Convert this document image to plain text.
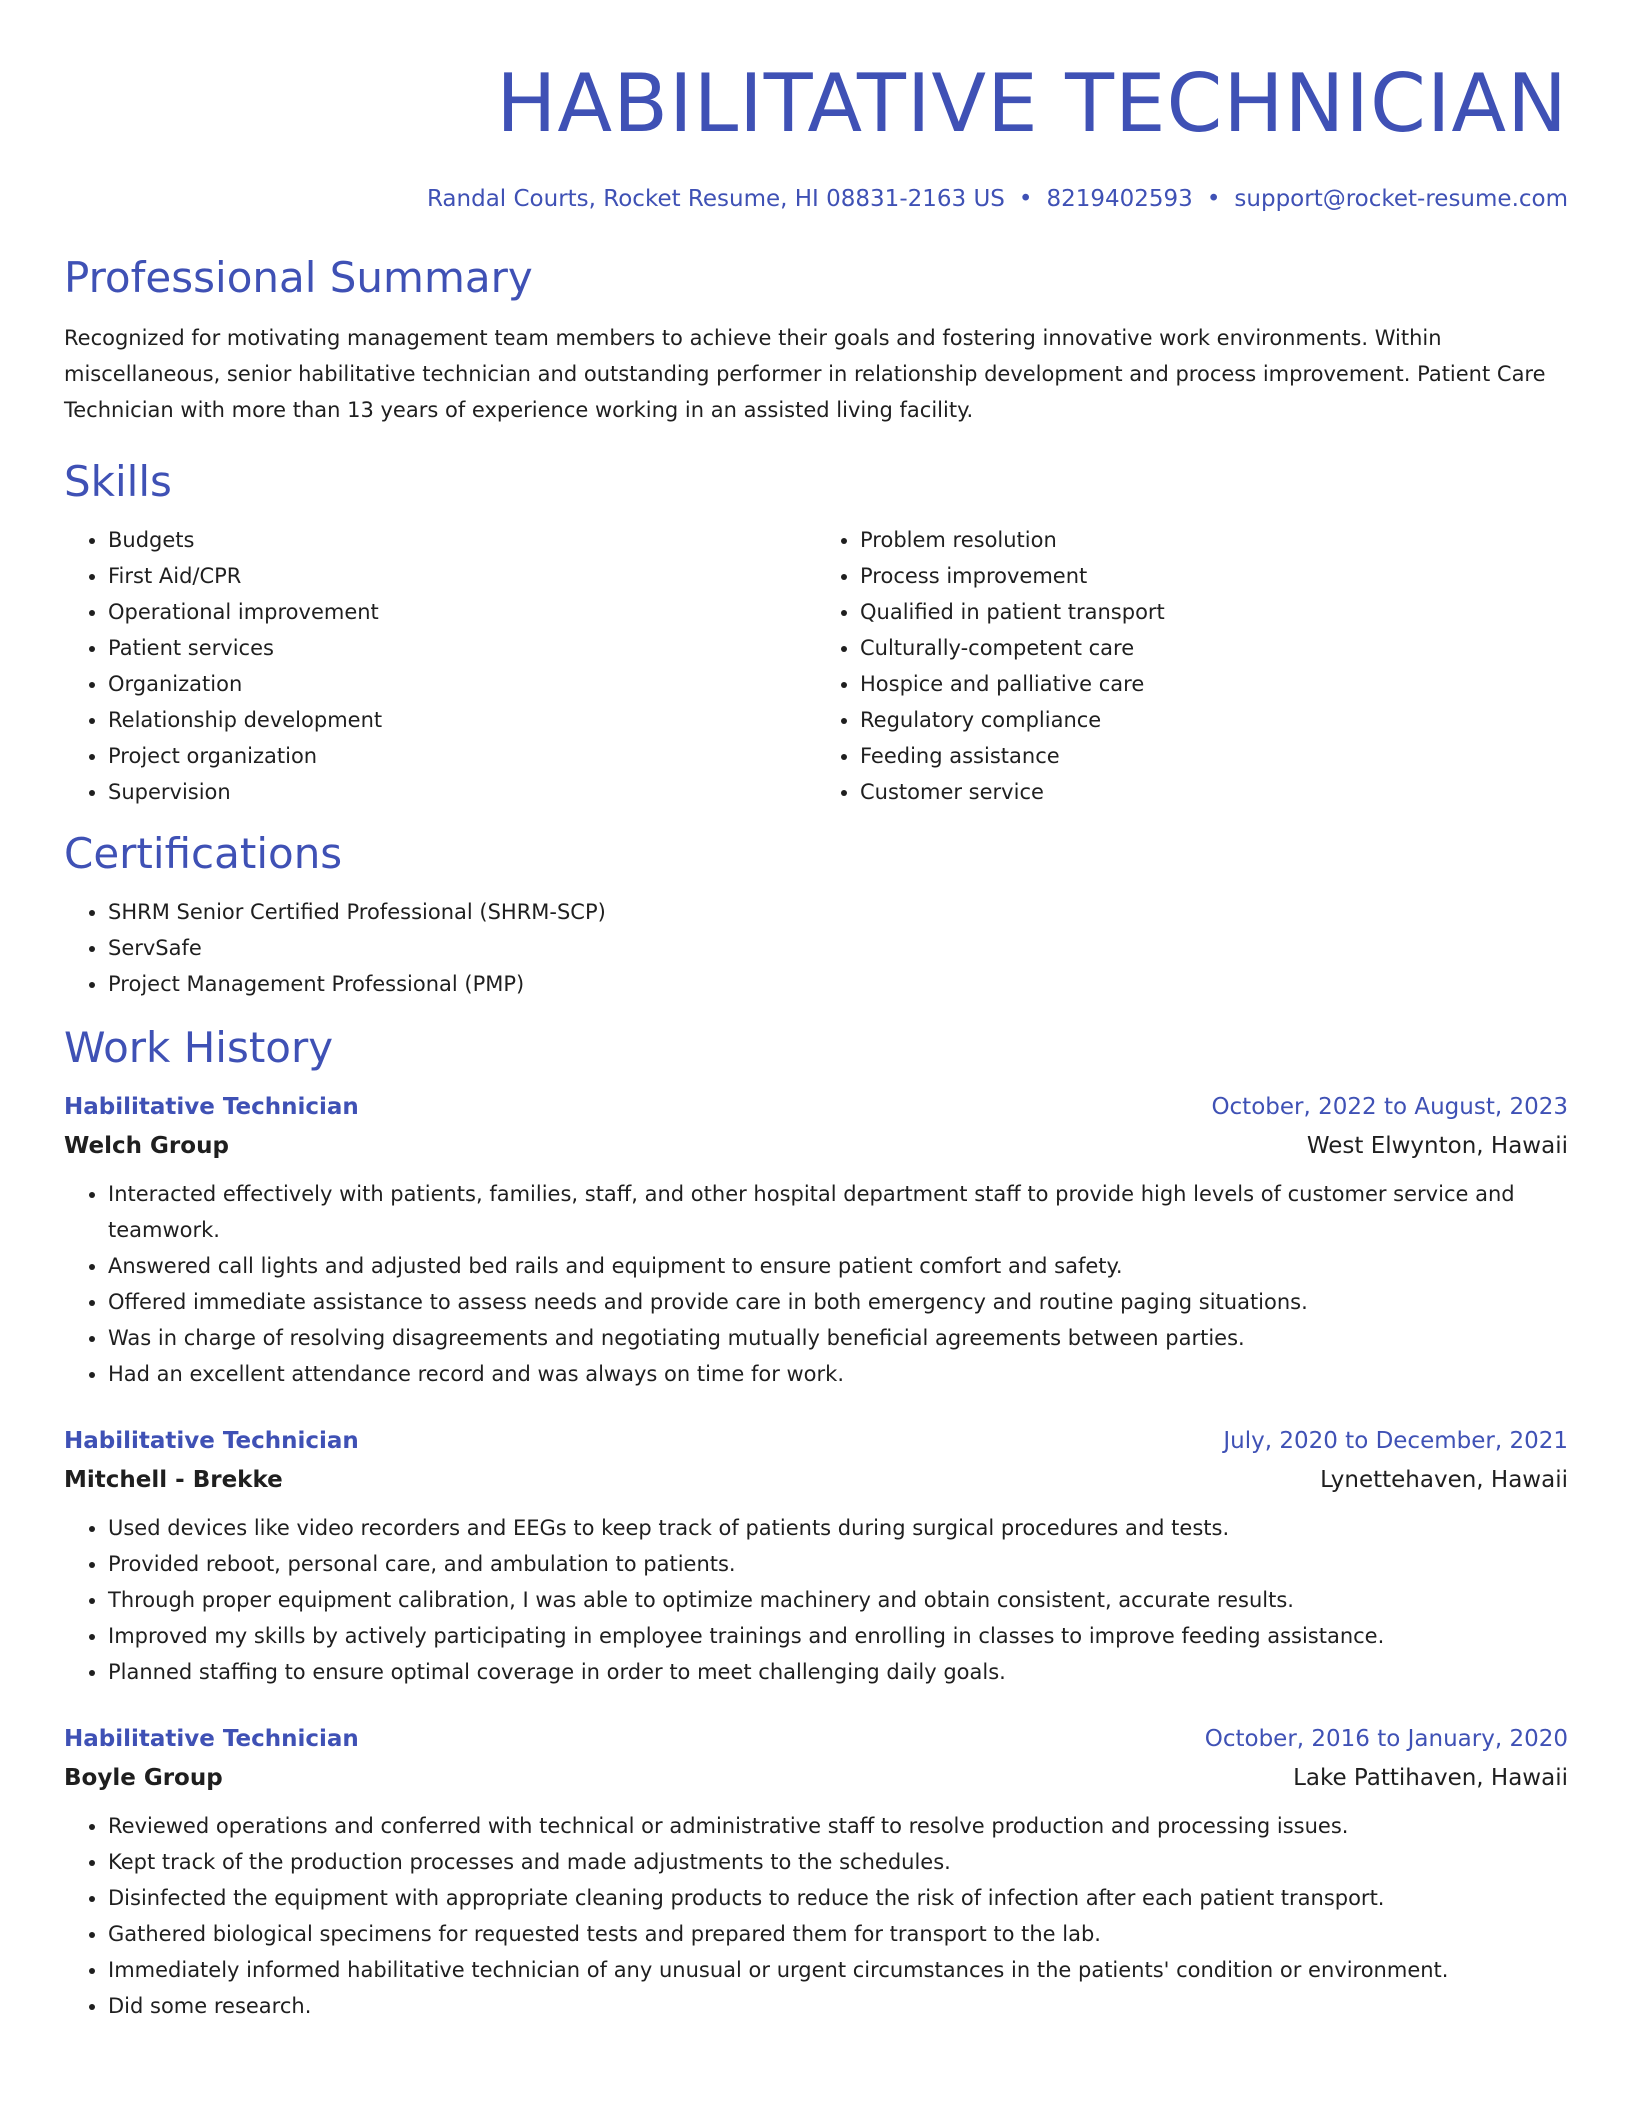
HABILITATIVE TECHNICIAN
Randal Courts, Rocket Resume, HI 08831-2163 US • 8219402593 • support@rocket-resume.com
Professional Summary

Recognized for motivating management team members to achieve their goals and fostering innovative work environments. Within miscellaneous, senior habilitative technician and outstanding performer in relationship development and process improvement. Patient Care Technician with more than 13 years of experience working in an assisted living facility.

Skills
• Budgets
• First Aid/CPR
• Operational improvement
• Patient services
• Organization
• Relationship development
• Project organization
• Supervision
• Problem resolution
• Process improvement
• Qualified in patient transport
• Culturally-competent care
• Hospice and palliative care
• Regulatory compliance
• Feeding assistance
• Customer service
Certifications
• SHRM Senior Certified Professional (SHRM-SCP)
• ServSafe
• Project Management Professional (PMP)
Work History
Habilitative Technician	October, 2022 to August, 2023
Welch Group	West Elwynton, Hawaii
• Interacted effectively with patients, families, staff, and other hospital department staff to provide high levels of customer service and teamwork.
• Answered call lights and adjusted bed rails and equipment to ensure patient comfort and safety.
• Offered immediate assistance to assess needs and provide care in both emergency and routine paging situations.
• Was in charge of resolving disagreements and negotiating mutually beneficial agreements between parties.
• Had an excellent attendance record and was always on time for work.
Habilitative Technician	July, 2020 to December, 2021
Mitchell - Brekke	Lynettehaven, Hawaii
• Used devices like video recorders and EEGs to keep track of patients during surgical procedures and tests.
• Provided reboot, personal care, and ambulation to patients.
• Through proper equipment calibration, I was able to optimize machinery and obtain consistent, accurate results.
• Improved my skills by actively participating in employee trainings and enrolling in classes to improve feeding assistance.
• Planned staffing to ensure optimal coverage in order to meet challenging daily goals.
Habilitative Technician	October, 2016 to January, 2020
Boyle Group	Lake Pattihaven, Hawaii
• Reviewed operations and conferred with technical or administrative staff to resolve production and processing issues.
• Kept track of the production processes and made adjustments to the schedules.
• Disinfected the equipment with appropriate cleaning products to reduce the risk of infection after each patient transport.
• Gathered biological specimens for requested tests and prepared them for transport to the lab.
• Immediately informed habilitative technician of any unusual or urgent circumstances in the patients' condition or environment.
• Did some research.
